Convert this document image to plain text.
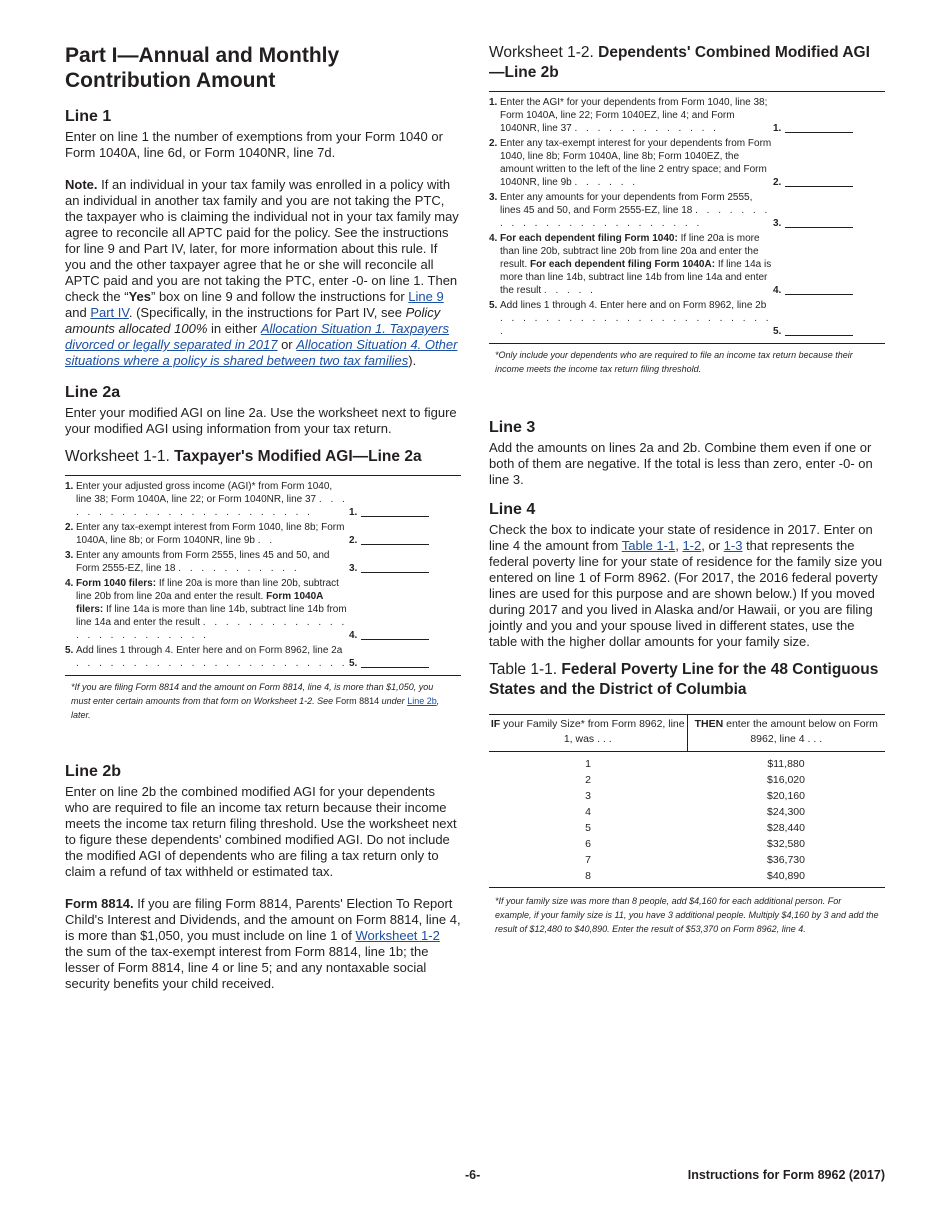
Part I—Annual and Monthly Contribution Amount
Line 1

Enter on line 1 the number of exemptions from your Form 1040 or Form 1040A, line 6d, or Form 1040NR, line 7d.

Note. If an individual in your tax family was enrolled in a policy with an individual in another tax family and you are not taking the PTC, the taxpayer who is claiming the individual not in your tax family may agree to reconcile all APTC paid for the policy. See the instructions for line 9 and Part IV, later, for more information about this rule. If you and the other taxpayer agree that he or she will reconcile all APTC paid and you are not taking the PTC, enter -0- on line 1. Then check the “Yes” box on line 9 and follow the instructions for Line 9 and Part IV. (Specifically, in the instructions for Part IV, see Policy amounts allocated 100% in either Allocation Situation 1. Taxpayers divorced or legally separated in 2017 or Allocation Situation 4. Other situations where a policy is shared between two tax families).

Line 2a

Enter your modified AGI on line 2a. Use the worksheet next to figure your modified AGI using information from your tax return.

Worksheet 1-1. Taxpayer's Modified AGI—Line 2a
1. Enter your adjusted gross income (AGI)* from Form 1040, line 38; Form 1040A, line 22; or Form 1040NR, line 37 . . . . . . . . . . . . . . . . . . . . . . . .	1.
2. Enter any tax-exempt interest from Form 1040, line 8b; Form 1040A, line 8b; or Form 1040NR, line 9b . .	2.
3. Enter any amounts from Form 2555, lines 45 and 50, and Form 2555-EZ, line 18 . . . . . . . . . . .	3.
4. Form 1040 filers: If line 20a is more than line 20b, subtract line 20b from line 20a and enter the result. Form 1040A filers: If line 14a is more than line 14b, subtract line 14b from line 14a and enter the result . . . . . . . . . . . . . . . . . . . . . . . . .	4.
5. Add lines 1 through 4. Enter here and on Form 8962, line 2a . . . . . . . . . . . . . . . . . . . . . . . . 5.
*If you are filing Form 8814 and the amount on Form 8814, line 4, is more than $1,050, you must enter certain amounts from that form on Worksheet 1-2. See Form 8814 under Line 2b, later.
Line 2b

Enter on line 2b the combined modified AGI for your dependents who are required to file an income tax return because their income meets the income tax return filing threshold. Use the worksheet next to figure these dependents' combined modified AGI. Do not include the modified AGI of dependents who are filing a tax return only to claim a refund of tax withheld or estimated tax.

Form 8814. If you are filing Form 8814, Parents' Election To Report Child's Interest and Dividends, and the amount on Form 8814, line 4, is more than $1,050, you must include on line 1 of Worksheet 1-2 the sum of the tax-exempt interest from Form 8814, line 1b; the lesser of Form 8814, line 4 or line 5; and any nontaxable social security benefits your child received.

Worksheet 1-2. Dependents' Combined Modified AGI—Line 2b
1. Enter the AGI* for your dependents from Form 1040, line 38; Form 1040A, line 22; Form 1040EZ, line 4; and Form 1040NR, line 37 . . . . . . . . . . . . .	1.
2. Enter any tax-exempt interest for your dependents from Form 1040, line 8b; Form 1040A, line 8b; Form 1040EZ, the amount written to the left of the line 2 entry space; and Form 1040NR, line 9b . . . . . .	2.
3. Enter any amounts for your dependents from Form 2555, lines 45 and 50, and Form 2555-EZ, line 18 . . . . . . . . . . . . . . . . . . . . . . . . .	3.
4. For each dependent filing Form 1040: If line 20a is more than line 20b, subtract line 20b from line 20a and enter the result. For each dependent filing Form 1040A: If line 14a is more than line 14b, subtract line 14b from line 14a and enter the result . . . . .	4.
5. Add lines 1 through 4. Enter here and on Form 8962, line 2b . . . . . . . . . . . . . . . . . . . . . . . . .	5.
*Only include your dependents who are required to file an income tax return because their income meets the income tax return filing threshold.
Line 3

Add the amounts on lines 2a and 2b. Combine them even if one or both of them are negative. If the total is less than zero, enter -0- on line 3.

Line 4

Check the box to indicate your state of residence in 2017. Enter on line 4 the amount from Table 1-1, 1-2, or 1-3 that represents the federal poverty line for your state of residence for the family size you entered on line 1 of Form 8962. (For 2017, the 2016 federal poverty lines are used for this purpose and are shown below.) If you moved during 2017 and you lived in Alaska and/or Hawaii, or you are filing jointly and you and your spouse lived in different states, use the table with the higher dollar amounts for your family size.

Table 1-1. Federal Poverty Line for the 48 Contiguous States and the District of Columbia
IF your Family Size* from Form 8962, line 1, was . . .	THEN enter the amount below on Form 8962, line 4 . . .
1	$11,880
2	$16,020
3	$20,160
4	$24,300
5	$28,440
6	$32,580
7	$36,730
8	$40,890
*If your family size was more than 8 people, add $4,160 for each additional person. For example, if your family size is 11, you have 3 additional people. Multiply $4,160 by 3 and add the result of $12,480 to $40,890. Enter the result of $53,370 on Form 8962, line 4.
-6-	Instructions for Form 8962 (2017)
